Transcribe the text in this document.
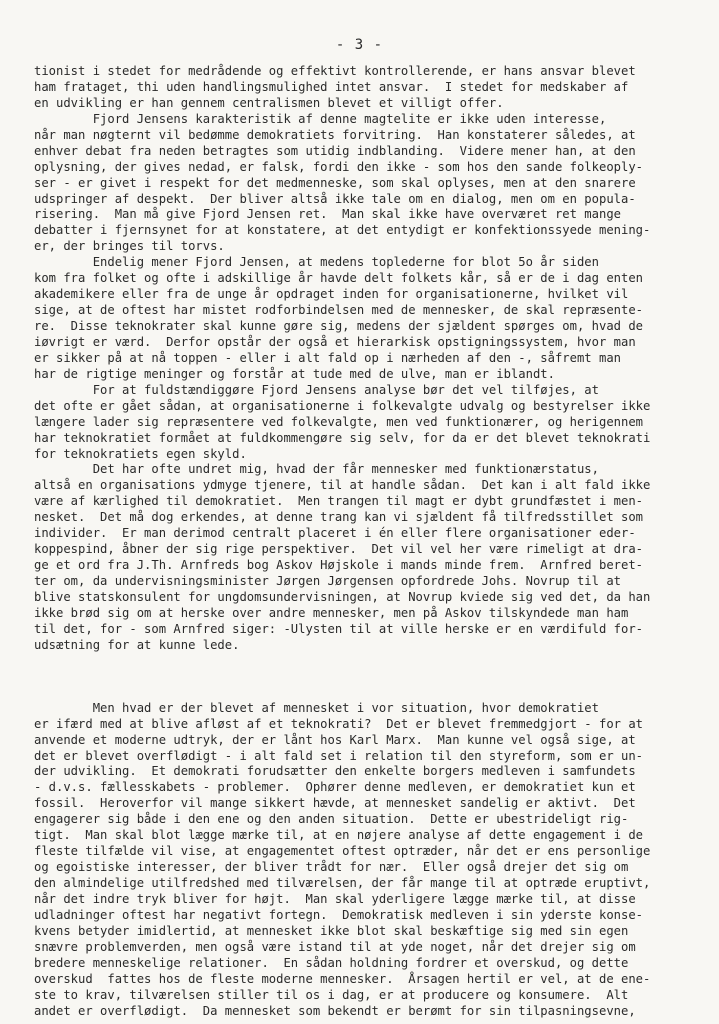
- 3 -
tionist i stedet for medrådende og effektivt kontrollerende, er hans ansvar blevet
ham frataget, thi uden handlingsmulighed intet ansvar.  I stedet for medskaber af
en udvikling er han gennem centralismen blevet et villigt offer.
Fjord Jensens karakteristik af denne magtelite er ikke uden interesse,
når man nøgternt vil bedømme demokratiets forvitring.  Han konstaterer således, at
enhver debat fra neden betragtes som utidig indblanding.  Videre mener han, at den
oplysning, der gives nedad, er falsk, fordi den ikke - som hos den sande folkeoply-
ser - er givet i respekt for det medmenneske, som skal oplyses, men at den snarere
udspringer af despekt.  Der bliver altså ikke tale om en dialog, men om en popula-
risering.  Man må give Fjord Jensen ret.  Man skal ikke have overværet ret mange
debatter i fjernsynet for at konstatere, at det entydigt er konfektionssyede mening-
er, der bringes til torvs.
Endelig mener Fjord Jensen, at medens toplederne for blot 5o år siden
kom fra folket og ofte i adskillige år havde delt folkets kår, så er de i dag enten
akademikere eller fra de unge år opdraget inden for organisationerne, hvilket vil
sige, at de oftest har mistet rodforbindelsen med de mennesker, de skal repræsente-
re.  Disse teknokrater skal kunne gøre sig, medens der sjældent spørges om, hvad de
iøvrigt er værd.  Derfor opstår der også et hierarkisk opstigningssystem, hvor man
er sikker på at nå toppen - eller i alt fald op i nærheden af den -, såfremt man
har de rigtige meninger og forstår at tude med de ulve, man er iblandt.
For at fuldstændiggøre Fjord Jensens analyse bør det vel tilføjes, at
det ofte er gået sådan, at organisationerne i folkevalgte udvalg og bestyrelser ikke
længere lader sig repræsentere ved folkevalgte, men ved funktionærer, og herigennem
har teknokratiet formået at fuldkommengøre sig selv, for da er det blevet teknokrati
for teknokratiets egen skyld.
Det har ofte undret mig, hvad der får mennesker med funktionærstatus,
altså en organisations ydmyge tjenere, til at handle sådan.  Det kan i alt fald ikke
være af kærlighed til demokratiet.  Men trangen til magt er dybt grundfæstet i men-
nesket.  Det må dog erkendes, at denne trang kan vi sjældent få tilfredsstillet som
individer.  Er man derimod centralt placeret i én eller flere organisationer eder-
koppespind, åbner der sig rige perspektiver.  Det vil vel her være rimeligt at dra-
ge et ord fra J.Th. Arnfreds bog Askov Højskole i mands minde frem.  Arnfred beret-
ter om, da undervisningsminister Jørgen Jørgensen opfordrede Johs. Novrup til at
blive statskonsulent for ungdomsundervisningen, at Novrup kviede sig ved det, da han
ikke brød sig om at herske over andre mennesker, men på Askov tilskyndede man ham
til det, for - som Arnfred siger: -Ulysten til at ville herske er en værdifuld for-
udsætning for at kunne lede.
Men hvad er der blevet af mennesket i vor situation, hvor demokratiet
er ifærd med at blive afløst af et teknokrati?  Det er blevet fremmedgjort - for at
anvende et moderne udtryk, der er lånt hos Karl Marx.  Man kunne vel også sige, at
det er blevet overflødigt - i alt fald set i relation til den styreform, som er un-
der udvikling.  Et demokrati forudsætter den enkelte borgers medleven i samfundets
- d.v.s. fællesskabets - problemer.  Ophører denne medleven, er demokratiet kun et
fossil.  Heroverfor vil mange sikkert hævde, at mennesket sandelig er aktivt.  Det
engagerer sig både i den ene og den anden situation.  Dette er ubestrideligt rig-
tigt.  Man skal blot lægge mærke til, at en nøjere analyse af dette engagement i de
fleste tilfælde vil vise, at engagementet oftest optræder, når det er ens personlige
og egoistiske interesser, der bliver trådt for nær.  Eller også drejer det sig om
den almindelige utilfredshed med tilværelsen, der får mange til at optræde eruptivt,
når det indre tryk bliver for højt.  Man skal yderligere lægge mærke til, at disse
udladninger oftest har negativt fortegn.  Demokratisk medleven i sin yderste konse-
kvens betyder imidlertid, at mennesket ikke blot skal beskæftige sig med sin egen
snævre problemverden, men også være istand til at yde noget, når det drejer sig om
bredere menneskelige relationer.  En sådan holdning fordrer et overskud, og dette
overskud  fattes hos de fleste moderne mennesker.  Årsagen hertil er vel, at de ene-
ste to krav, tilværelsen stiller til os i dag, er at producere og konsumere.  Alt
andet er overflødigt.  Da mennesket som bekendt er berømt for sin tilpasningsevne,
